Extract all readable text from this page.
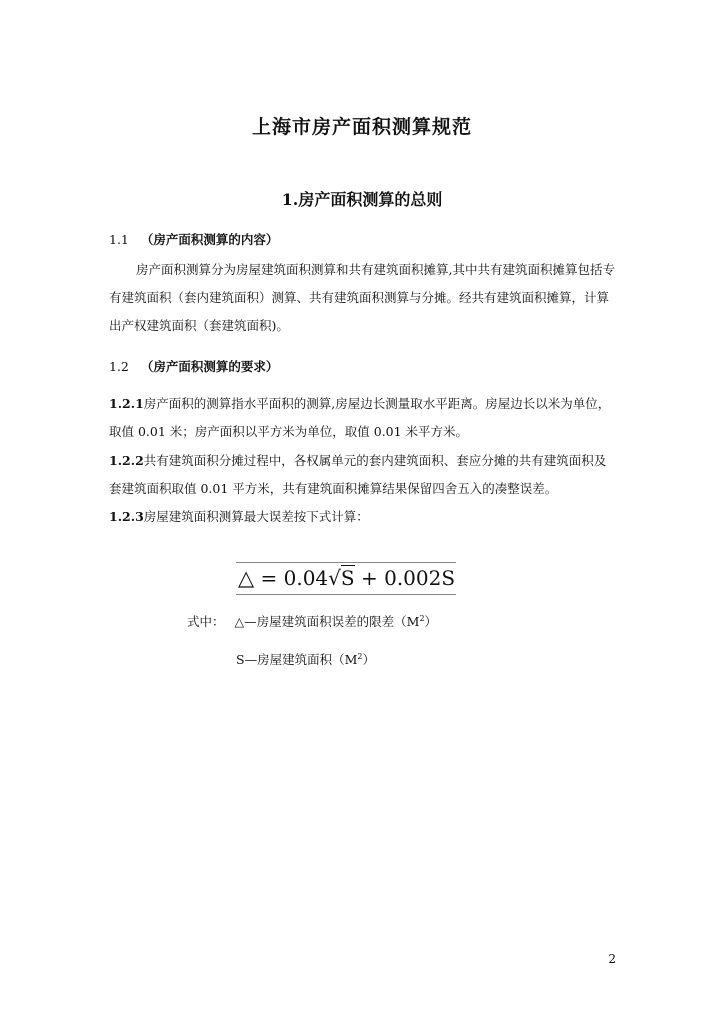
上海市房产面积测算规范
1.房产面积测算的总则
1.1 （房产面积测算的内容）
房产面积测算分为房屋建筑面积测算和共有建筑面积摊算,其中共有建筑面积摊算包括专有建筑面积（套内建筑面积）测算、共有建筑面积测算与分摊。经共有建筑面积摊算，计算出产权建筑面积（套建筑面积)。
1.2 （房产面积测算的要求）
1.2.1房产面积的测算指水平面积的测算,房屋边长测量取水平距离。房屋边长以米为单位，取值 0.01 米；房产面积以平方米为单位，取值 0.01 米平方米。
1.2.2共有建筑面积分摊过程中，各权属单元的套内建筑面积、套应分摊的共有建筑面积及套建筑面积取值 0.01 平方米，共有建筑面积摊算结果保留四舍五入的凑整误差。
1.2.3房屋建筑面积测算最大误差按下式计算：
△ = 0.04√S + 0.002S
式中： △—房屋建筑面积误差的限差$(M^2)$
S—房屋建筑面积$(M^2)$
2
